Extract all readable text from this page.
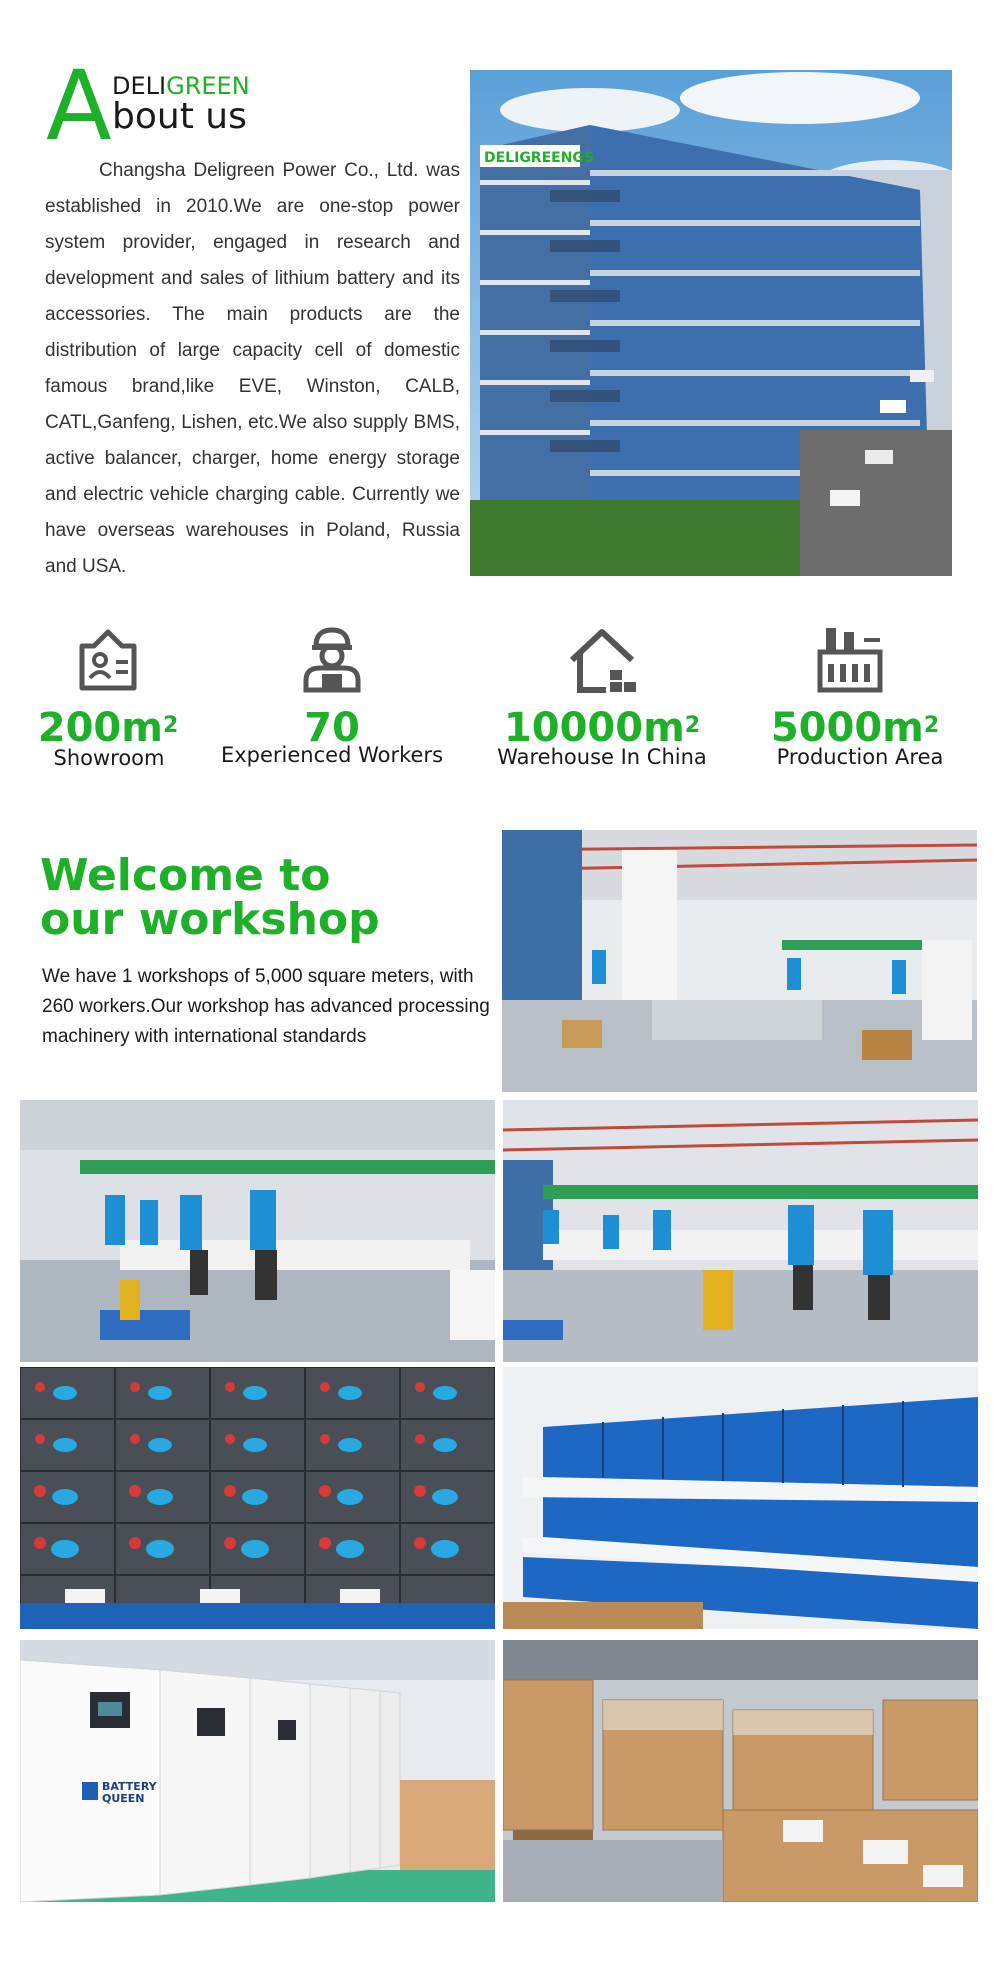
A DELIGREEN
bout us
Changsha Deligreen Power Co., Ltd. was established in 2010.We are one-stop power system provider, engaged in research and development and sales of lithium battery and its accessories. The main products are the distribution of large capacity cell of domestic famous brand,like EVE, Winston, CALB, CATL,Ganfeng, Lishen, etc.We also supply BMS, active balancer, charger, home energy storage and electric vehicle charging cable. Currently we have overseas warehouses in Poland, Russia and USA.
DELIGREENGS
$200m^2$
Showroom
70
Experienced Workers
$10000m^2$
Warehouse In China
$5000m^2$
Production Area
Welcome to
our workshop
We have 1 workshops of 5,000 square meters, with 260 workers.Our workshop has advanced processing machinery with international standards
BATTERY
QUEEN
